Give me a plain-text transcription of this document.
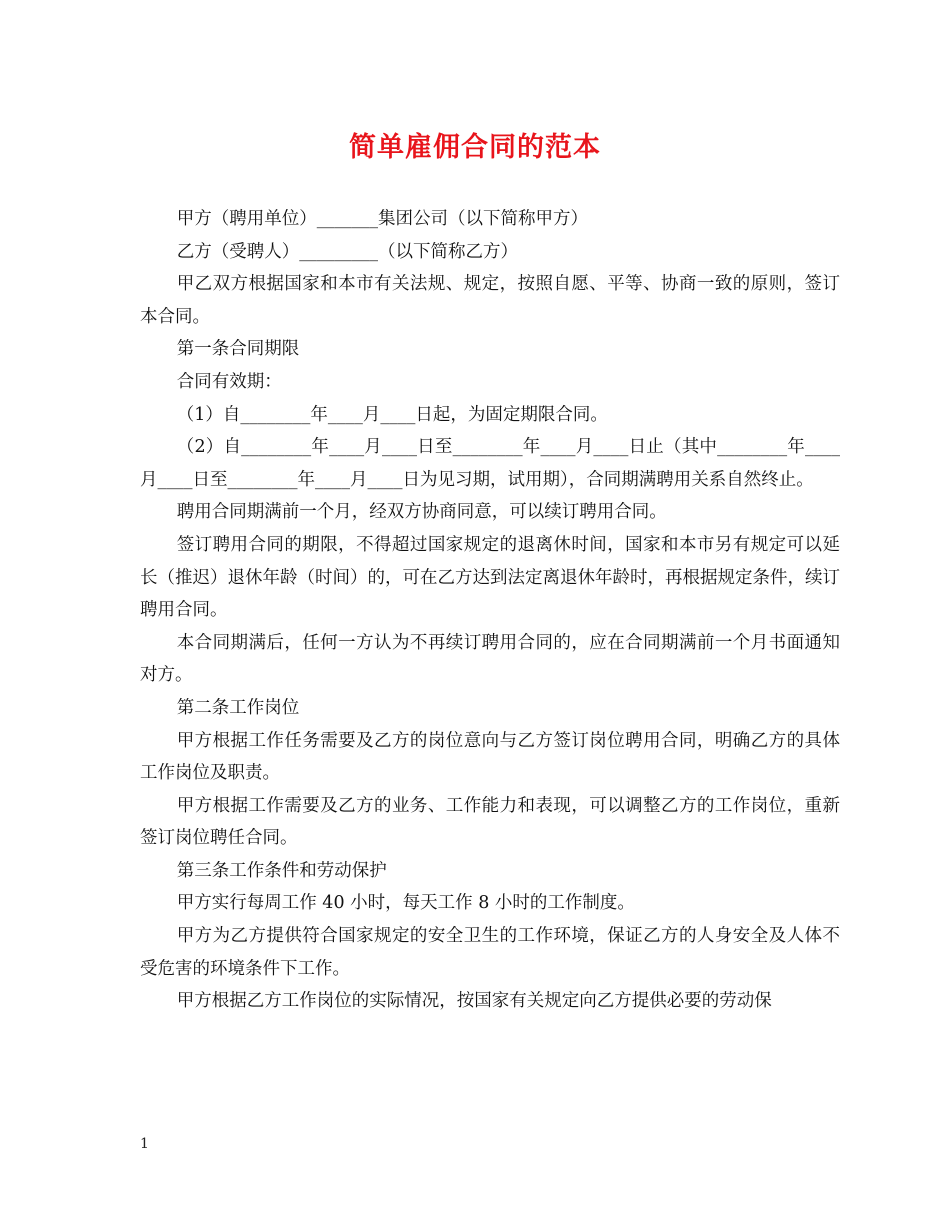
简单雇佣合同的范本

甲方（聘用单位）_______集团公司（以下简称甲方）

乙方（受聘人）_________（以下简称乙方）

甲乙双方根据国家和本市有关法规、规定，按照自愿、平等、协商一致的原则，签订本合同。

第一条合同期限

合同有效期：

（1）自________年____月____日起，为固定期限合同。

（2）自________年____月____日至________年____月____日止（其中________年____月____日至________年____月____日为见习期，试用期），合同期满聘用关系自然终止。

聘用合同期满前一个月，经双方协商同意，可以续订聘用合同。

签订聘用合同的期限，不得超过国家规定的退离休时间，国家和本市另有规定可以延长（推迟）退休年龄（时间）的，可在乙方达到法定离退休年龄时，再根据规定条件，续订聘用合同。

本合同期满后，任何一方认为不再续订聘用合同的，应在合同期满前一个月书面通知对方。

第二条工作岗位

甲方根据工作任务需要及乙方的岗位意向与乙方签订岗位聘用合同，明确乙方的具体工作岗位及职责。

甲方根据工作需要及乙方的业务、工作能力和表现，可以调整乙方的工作岗位，重新签订岗位聘任合同。

第三条工作条件和劳动保护

甲方实行每周工作 40 小时，每天工作 8 小时的工作制度。

甲方为乙方提供符合国家规定的安全卫生的工作环境，保证乙方的人身安全及人体不受危害的环境条件下工作。

甲方根据乙方工作岗位的实际情况，按国家有关规定向乙方提供必要的劳动保

1
